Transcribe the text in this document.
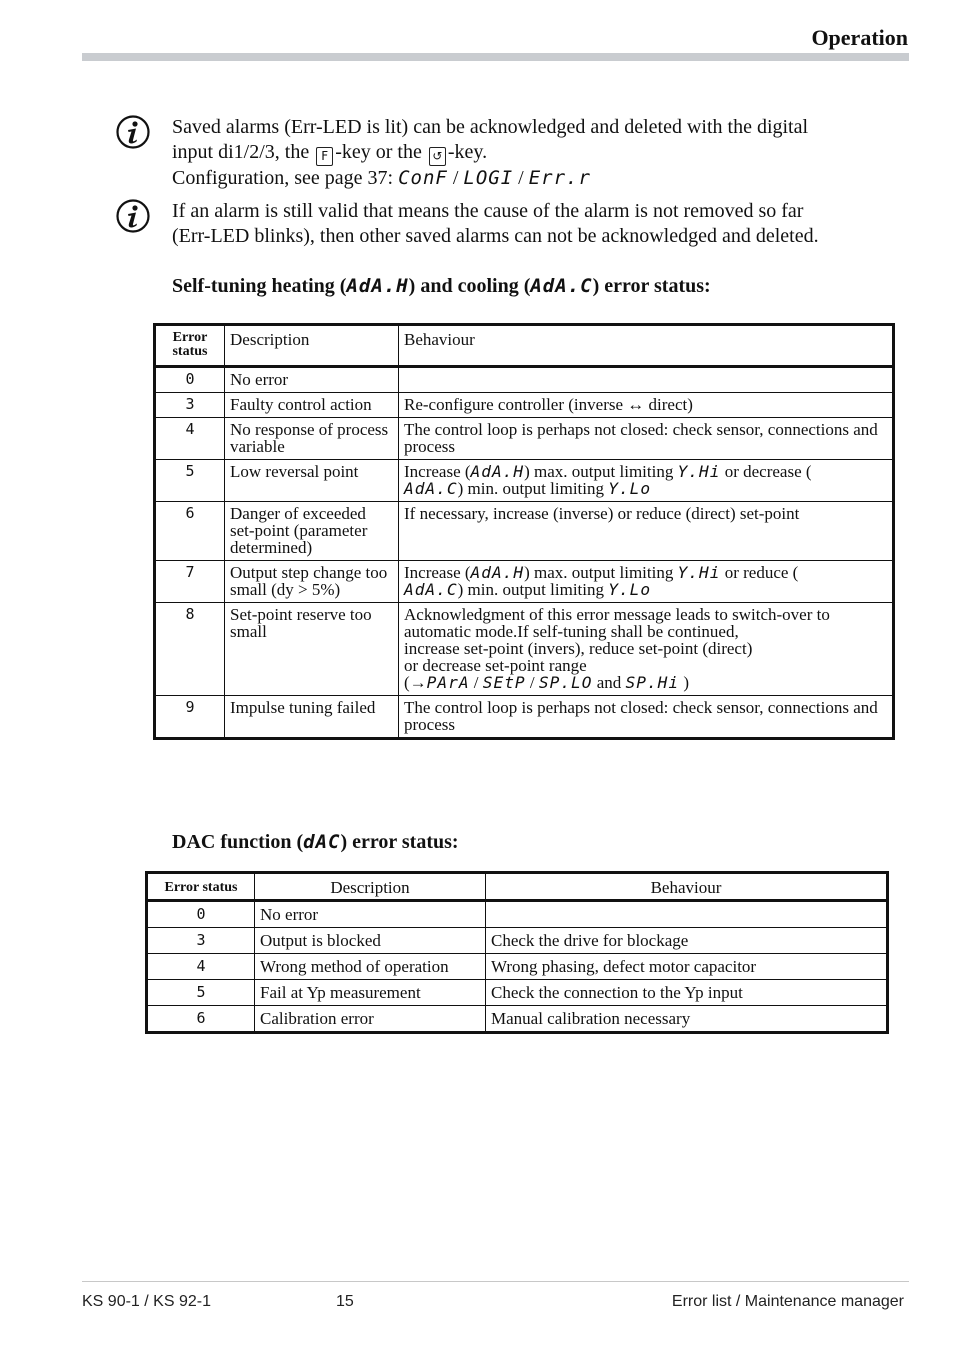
Operation
Saved alarms (Err-LED is lit) can be acknowledged and deleted with the digital
input di1/2/3, the F -key or the ↺ -key.
Configuration, see page 37: ConF / LOGI / Err.r
If an alarm is still valid that means the cause of the alarm is not removed so far
(Err-LED blinks), then other saved alarms can not be acknowledged and deleted.
Self-tuning heating (AdA.H) and cooling (AdA.C) error status:
Error
status	Description	Behaviour
0	No error	
3	Faulty control action	Re-configure controller (inverse ↔ direct)
4	No response of process variable	The control loop is perhaps not closed: check sensor, connections and process
5	Low reversal point	Increase (AdA.H) max. output limiting Y.Hi or decrease (
AdA.C) min. output limiting Y.Lo
6	Danger of exceeded set-point (parameter determined)	If necessary, increase (inverse) or reduce (direct) set-point
7	Output step change too small (dy > 5%)	Increase (AdA.H) max. output limiting Y.Hi or reduce (
AdA.C) min. output limiting Y.Lo
8	Set-point reserve too small	Acknowledgment of this error message leads to switch-over to automatic mode.If self-tuning shall be continued,
increase set-point (invers), reduce set-point (direct)
or decrease set-point range
(→PArA / SEtP / SP.LO and SP.Hi )

9	Impulse tuning failed	The control loop is perhaps not closed: check sensor, connections and process
DAC function (dAC) error status:
Error status	Description	Behaviour
0	No error	
3	Output is blocked	Check the drive for blockage
4	Wrong method of operation	Wrong phasing, defect motor capacitor
5	Fail at Yp measurement	Check the connection to the Yp input
6	Calibration error	Manual calibration necessary
KS 90-1 / KS 92-1	15	Error list / Maintenance manager
